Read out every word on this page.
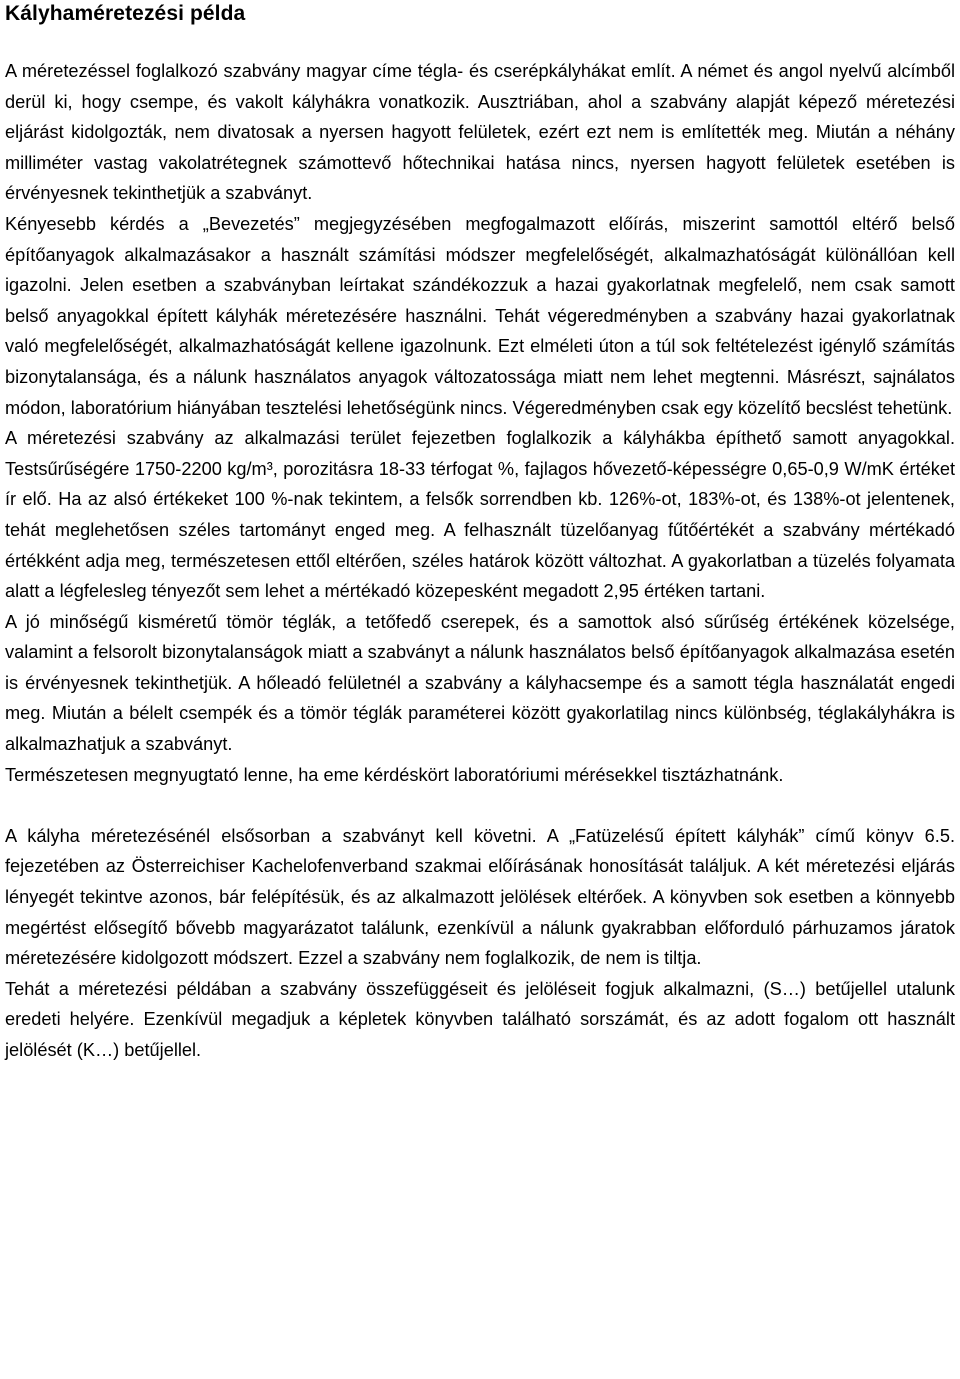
Kályhaméretezési példa

A méretezéssel foglalkozó szabvány magyar címe tégla- és cserépkályhákat említ. A német és angol nyelvű alcímből derül ki, hogy csempe, és vakolt kályhákra vonatkozik. Ausztriában, ahol a szabvány alapját képező méretezési eljárást kidolgozták, nem divatosak a nyersen hagyott felületek, ezért ezt nem is említették meg. Miután a néhány milliméter vastag vakolatrétegnek számottevő hőtechnikai hatása nincs, nyersen hagyott felületek esetében is érvényesnek tekinthetjük a szabványt.

Kényesebb kérdés a „Bevezetés” megjegyzésében megfogalmazott előírás, miszerint samottól eltérő belső építőanyagok alkalmazásakor a használt számítási módszer megfelelőségét, alkalmazhatóságát különállóan kell igazolni. Jelen esetben a szabványban leírtakat szándékozzuk a hazai gyakorlatnak megfelelő, nem csak samott belső anyagokkal épített kályhák méretezésére használni. Tehát végeredményben a szabvány hazai gyakorlatnak való megfelelőségét, alkalmazhatóságát kellene igazolnunk. Ezt elméleti úton a túl sok feltételezést igénylő számítás bizonytalansága, és a nálunk használatos anyagok változatossága miatt nem lehet megtenni. Másrészt, sajnálatos módon, laboratórium hiányában tesztelési lehetőségünk nincs. Végeredményben csak egy közelítő becslést tehetünk.

A méretezési szabvány az alkalmazási terület fejezetben foglalkozik a kályhákba építhető samott anyagokkal. Testsűrűségére 1750-2200 kg/m³, porozitásra 18-33 térfogat %, fajlagos hővezető-képességre 0,65-0,9 W/mK értéket ír elő. Ha az alsó értékeket 100 %-nak tekintem, a felsők sorrendben kb. 126%-ot, 183%-ot, és 138%-ot jelentenek, tehát meglehetősen széles tartományt enged meg. A felhasznált tüzelőanyag fűtőértékét a szabvány mértékadó értékként adja meg, természetesen ettől eltérően, széles határok között változhat. A gyakorlatban a tüzelés folyamata alatt a légfelesleg tényezőt sem lehet a mértékadó közepesként megadott 2,95 értéken tartani.

A jó minőségű kisméretű tömör téglák, a tetőfedő cserepek, és a samottok alsó sűrűség értékének közelsége, valamint a felsorolt bizonytalanságok miatt a szabványt a nálunk használatos belső építőanyagok alkalmazása esetén is érvényesnek tekinthetjük. A hőleadó felületnél a szabvány a kályhacsempe és a samott tégla használatát engedi meg. Miután a bélelt csempék és a tömör téglák paraméterei között gyakorlatilag nincs különbség, téglakályhákra is alkalmazhatjuk a szabványt.

Természetesen megnyugtató lenne, ha eme kérdéskört laboratóriumi mérésekkel tisztázhatnánk.

A kályha méretezésénél elsősorban a szabványt kell követni. A „Fatüzelésű épített kályhák” című könyv 6.5. fejezetében az Österreichiser Kachelofenverband szakmai előírásának honosítását találjuk. A két méretezési eljárás lényegét tekintve azonos, bár felépítésük, és az alkalmazott jelölések eltérőek. A könyvben sok esetben a könnyebb megértést elősegítő bővebb magyarázatot találunk, ezenkívül a nálunk gyakrabban előforduló párhuzamos járatok méretezésére kidolgozott módszert. Ezzel a szabvány nem foglalkozik, de nem is tiltja.

Tehát a méretezési példában a szabvány összefüggéseit és jelöléseit fogjuk alkalmazni, (S…) betűjellel utalunk eredeti helyére. Ezenkívül megadjuk a képletek könyvben található sorszámát, és az adott fogalom ott használt jelölését (K…) betűjellel.
